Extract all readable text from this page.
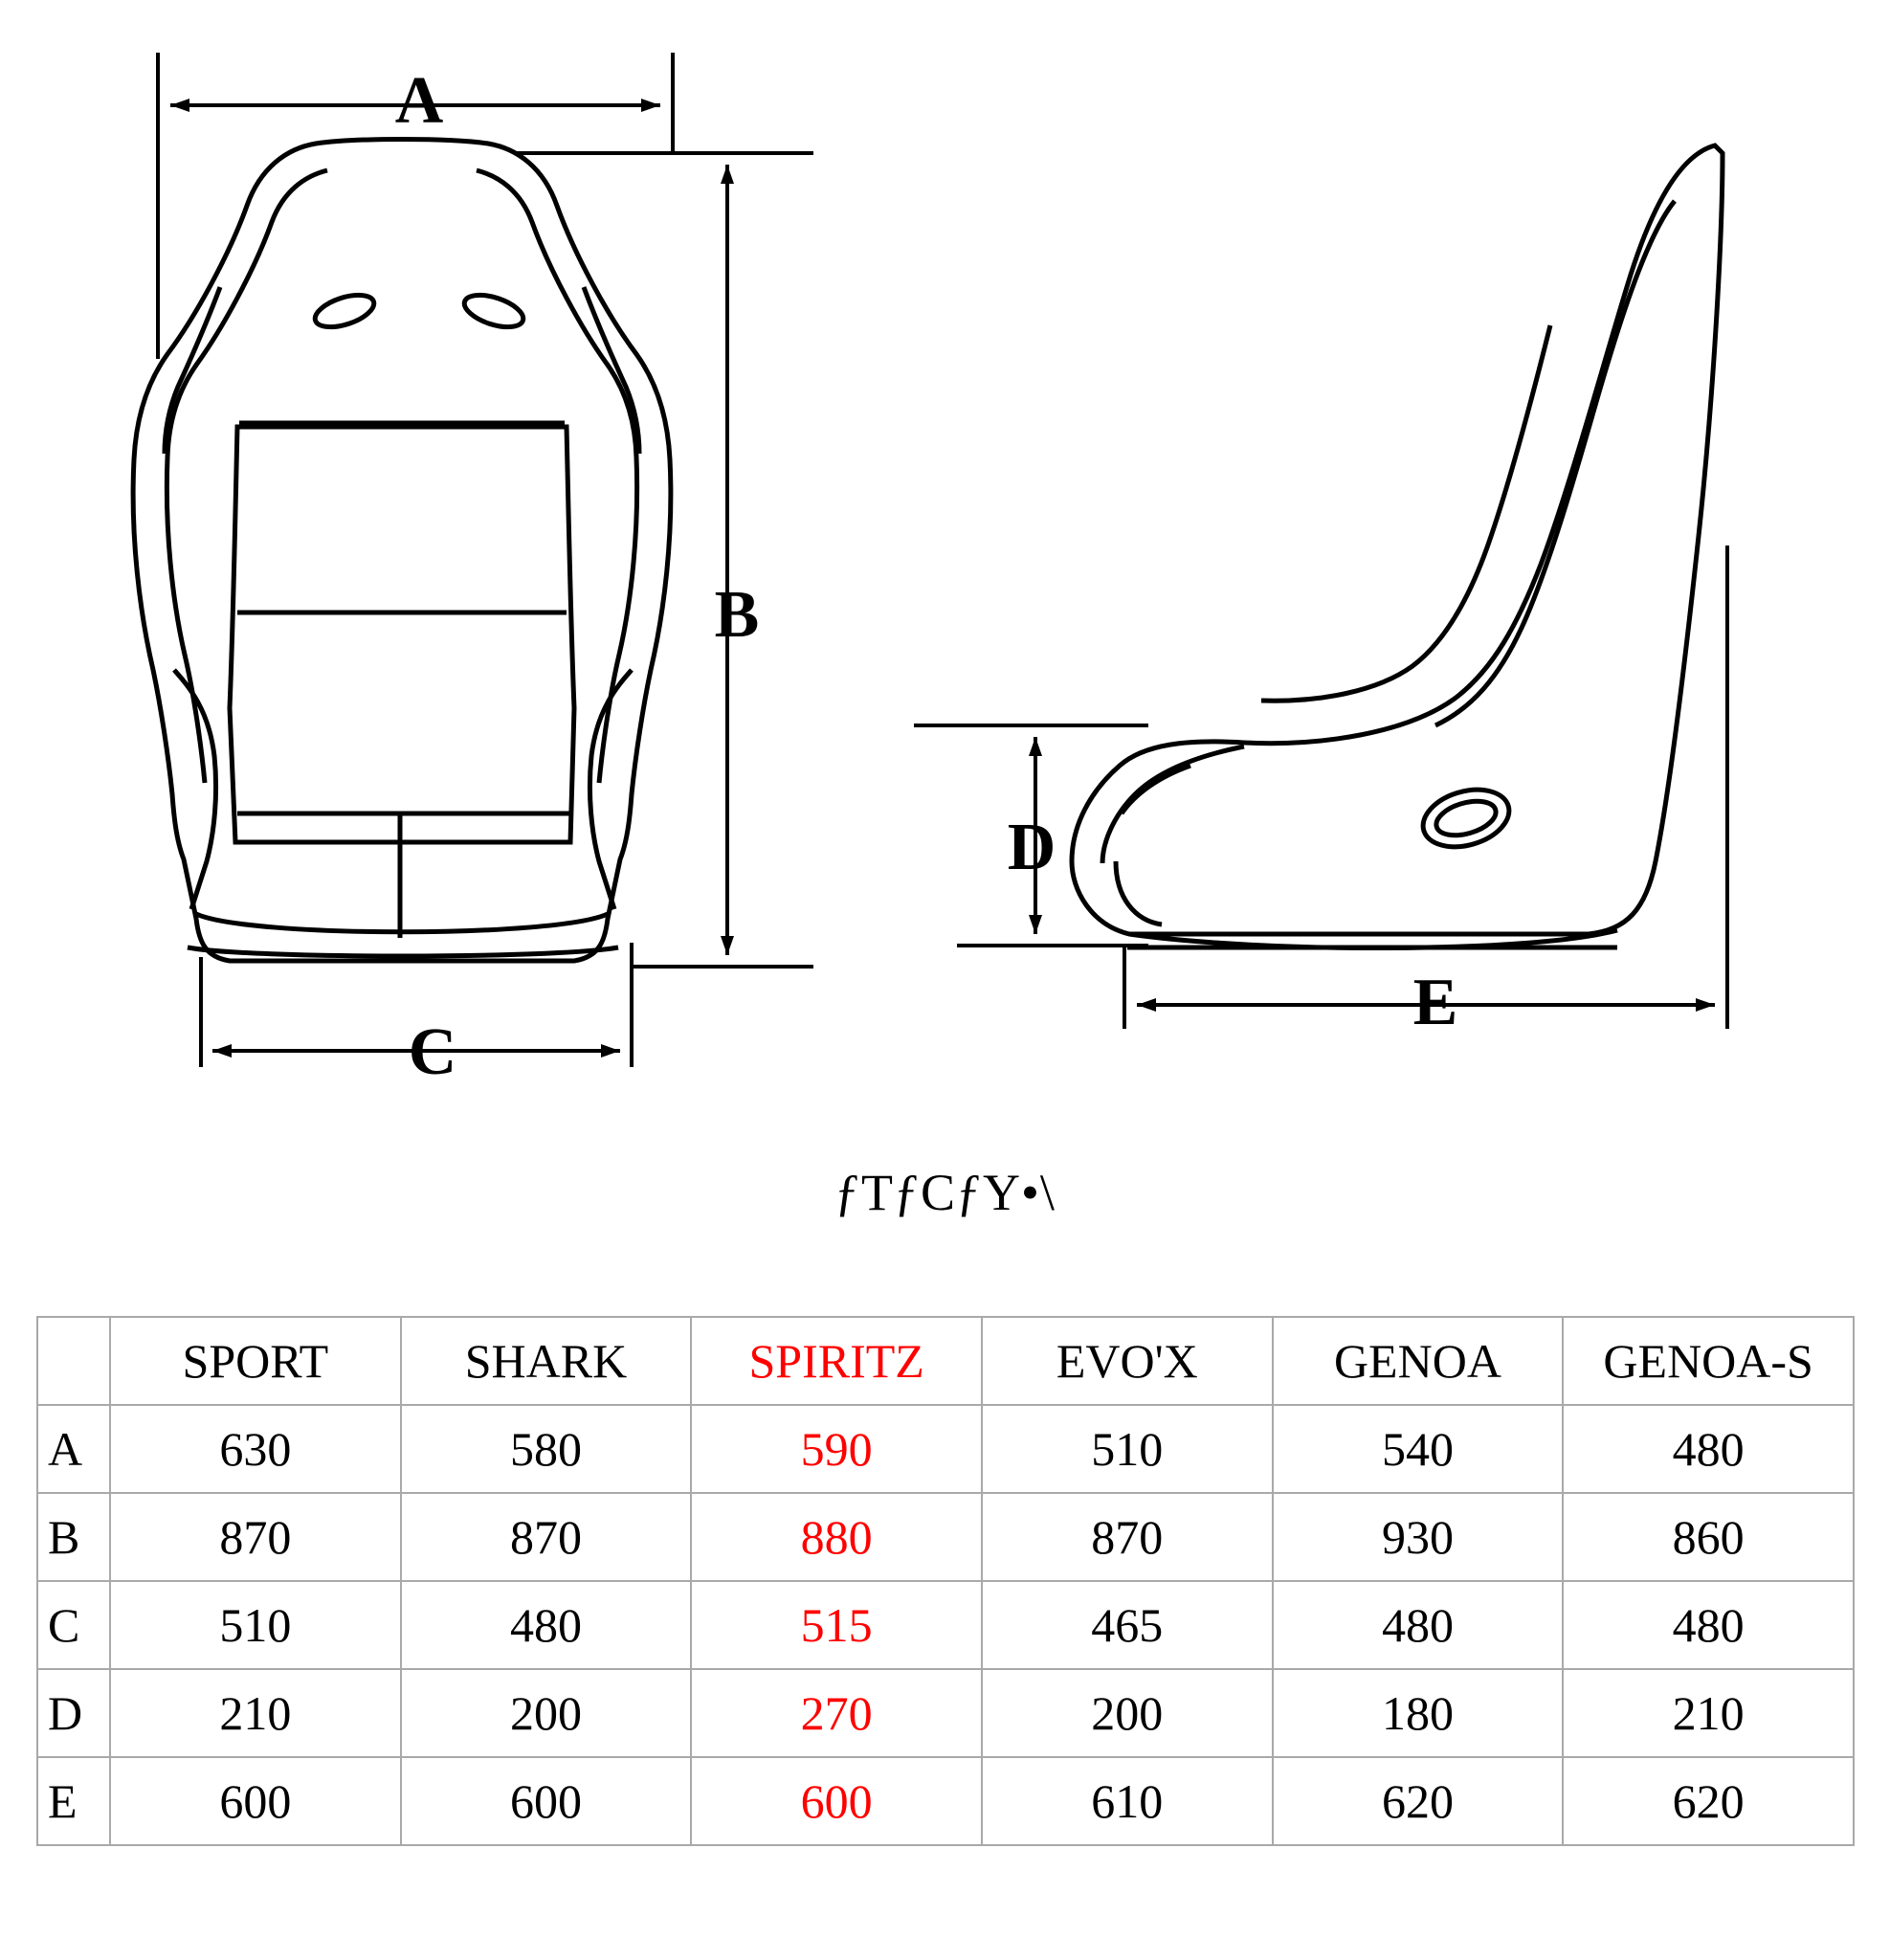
A
B
C
D
E
ƒTƒCƒY•\
	SPORT	SHARK	SPIRITZ	EVO'X	GENOA	GENOA-S
A	630	580	590	510	540	480
B	870	870	880	870	930	860
C	510	480	515	465	480	480
D	210	200	270	200	180	210
E	600	600	600	610	620	620
